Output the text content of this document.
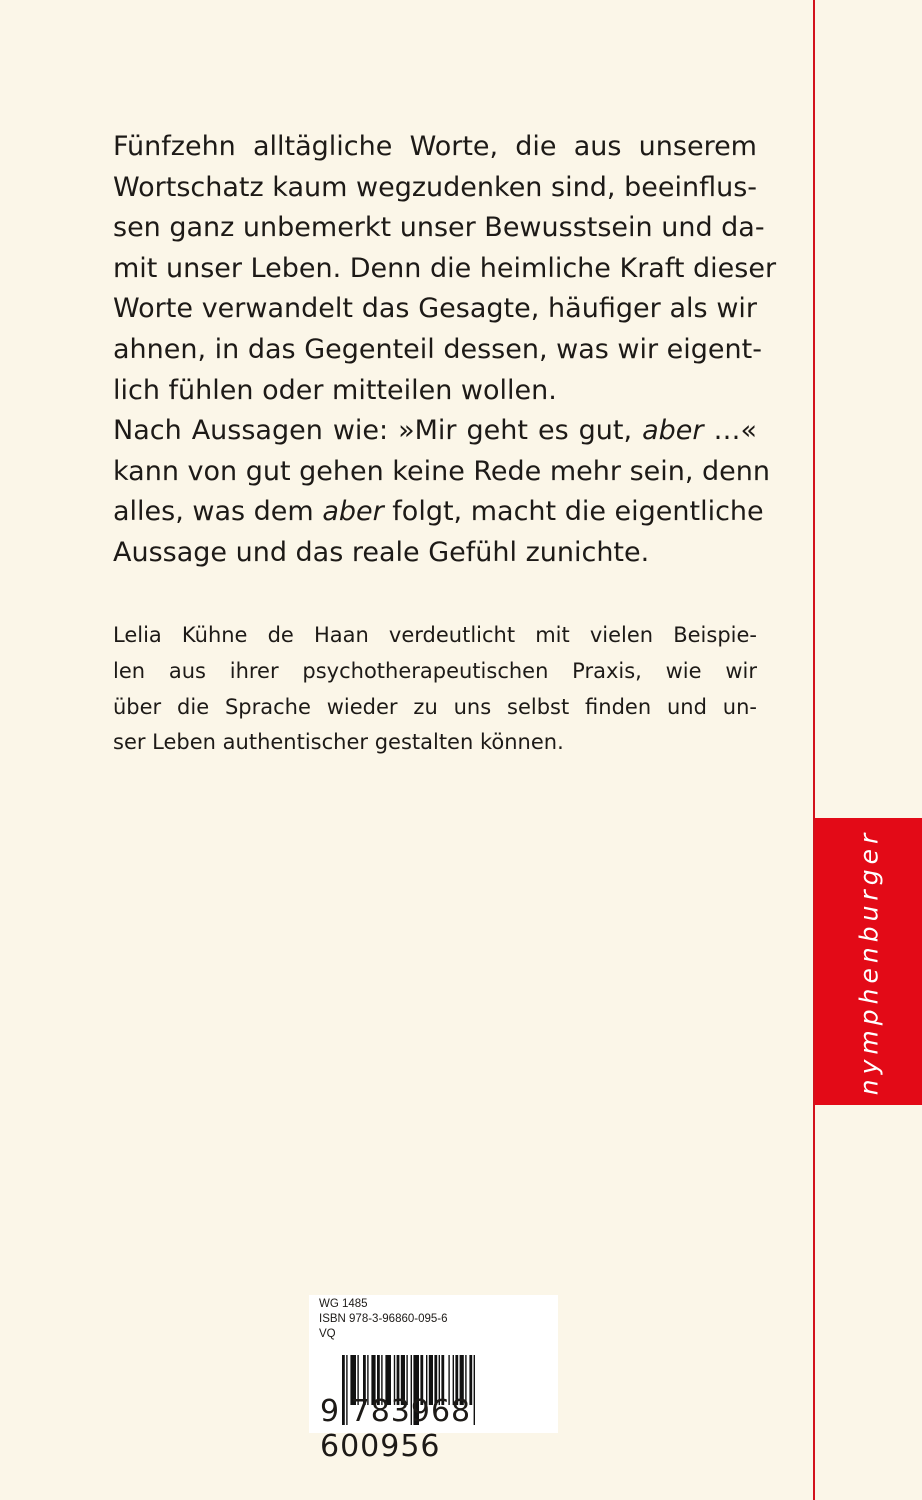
nymphenburger
Fünfzehn alltägliche Worte, die aus unserem
Wortschatz kaum wegzudenken sind, beeinflus-
sen ganz unbemerkt unser Bewusstsein und da-
mit unser Leben. Denn die heimliche Kraft dieser
Worte verwandelt das Gesagte, häufiger als wir
ahnen, in das Gegenteil dessen, was wir eigent-
lich fühlen oder mitteilen wollen.
Nach Aussagen wie: »Mir geht es gut, aber …«
kann von gut gehen keine Rede mehr sein, denn
alles, was dem aber folgt, macht die eigentliche
Aussage und das reale Gefühl zunichte.
Lelia Kühne de Haan verdeutlicht mit vielen Beispie-
len aus ihrer psychotherapeutischen Praxis, wie wir
über die Sprache wieder zu uns selbst finden und un-
ser Leben authentischer gestalten können.
WG 1485
ISBN 978-3-96860-095-6
VQ
9 783968 600956
